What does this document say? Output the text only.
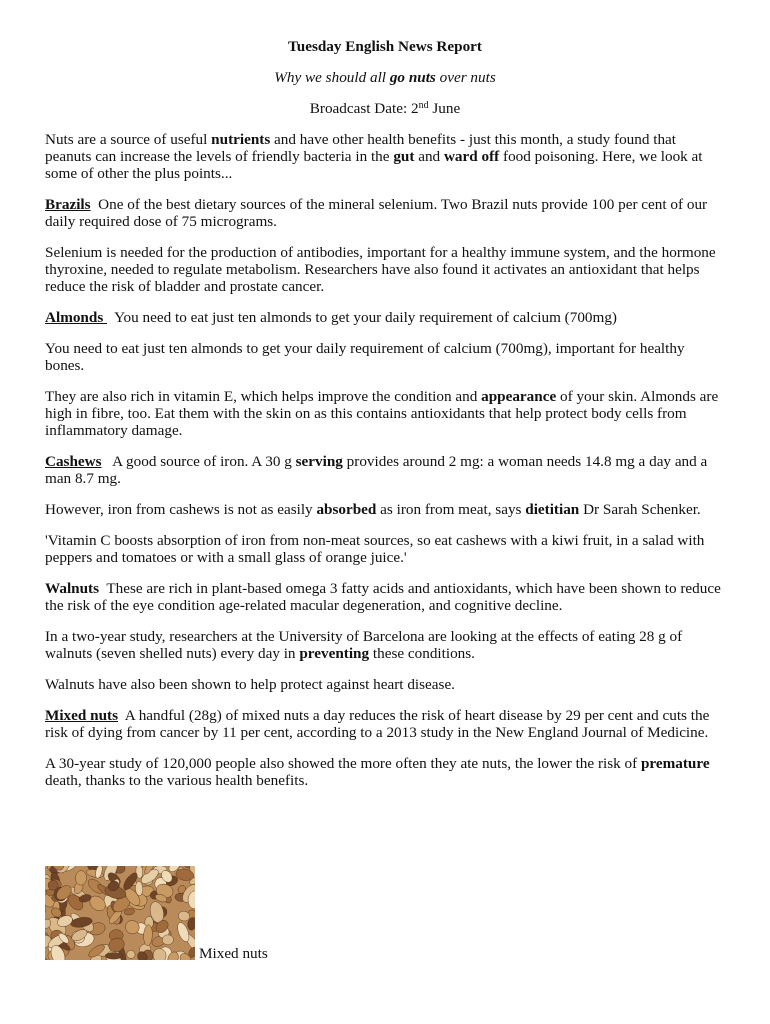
Tuesday English News Report
Why we should all go nuts over nuts
Broadcast Date: 2nd June

Nuts are a source of useful nutrients and have other health benefits - just this month, a study found that peanuts can increase the levels of friendly bacteria in the gut and ward off food poisoning. Here, we look at some of other the plus points...

Brazils One of the best dietary sources of the mineral selenium. Two Brazil nuts provide 100 per cent of our daily required dose of 75 micrograms.

Selenium is needed for the production of antibodies, important for a healthy immune system, and the hormone thyroxine, needed to regulate metabolism. Researchers have also found it activates an antioxidant that helps reduce the risk of bladder and prostate cancer.

Almonds   You need to eat just ten almonds to get your daily requirement of calcium (700mg)

You need to eat just ten almonds to get your daily requirement of calcium (700mg), important for healthy bones.

They are also rich in vitamin E, which helps improve the condition and appearance of your skin. Almonds are high in fibre, too. Eat them with the skin on as this contains antioxidants that help protect body cells from inflammatory damage.

Cashews A good source of iron. A 30 g serving provides around 2 mg: a woman needs 14.8 mg a day and a man 8.7 mg.

However, iron from cashews is not as easily absorbed as iron from meat, says dietitian Dr Sarah Schenker.

'Vitamin C boosts absorption of iron from non-meat sources, so eat cashews with a kiwi fruit, in a salad with peppers and tomatoes or with a small glass of orange juice.'

Walnuts These are rich in plant-based omega 3 fatty acids and antioxidants, which have been shown to reduce the risk of the eye condition age-related macular degeneration, and cognitive decline.

In a two-year study, researchers at the University of Barcelona are looking at the effects of eating 28 g of walnuts (seven shelled nuts) every day in preventing these conditions.

Walnuts have also been shown to help protect against heart disease.

Mixed nuts A handful (28g) of mixed nuts a day reduces the risk of heart disease by 29 per cent and cuts the risk of dying from cancer by 11 per cent, according to a 2013 study in the New England Journal of Medicine.

A 30-year study of 120,000 people also showed the more often they ate nuts, the lower the risk of premature death, thanks to the various health benefits.

Mixed nuts
